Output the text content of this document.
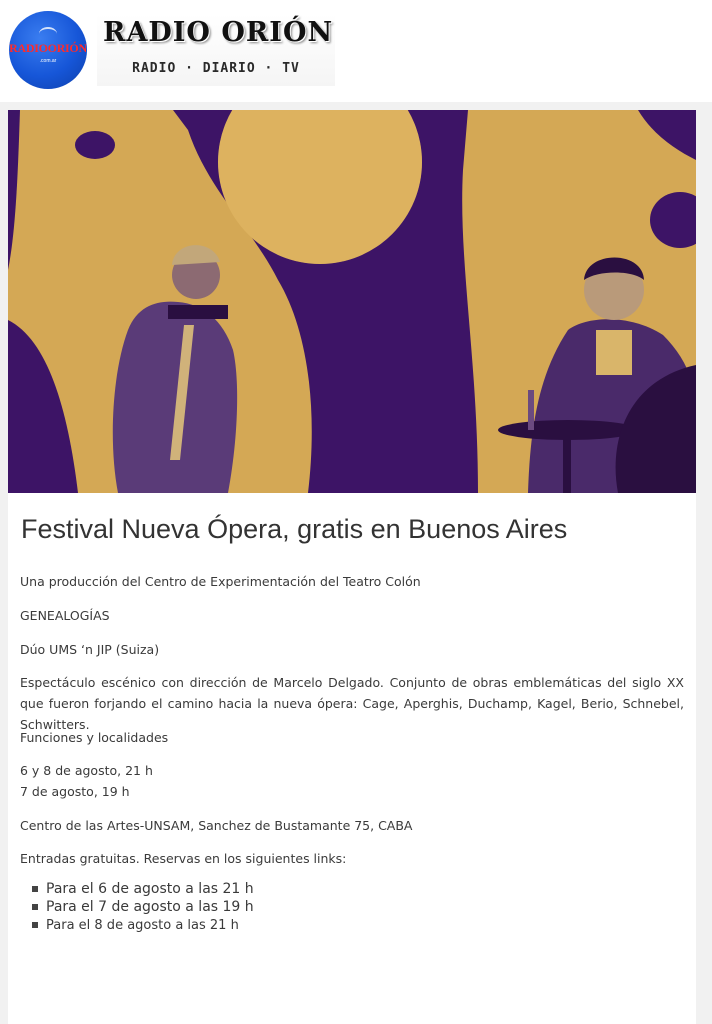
RADIOORIÓN
.com.ar
RADIO ORIÓN
RADIO · DIARIO · TV
Festival Nueva Ópera, gratis en Buenos Aires

Una producción del Centro de Experimentación del Teatro Colón

GENEALOGÍAS

Dúo UMS ‘n JIP (Suiza)

Espectáculo escénico con dirección de Marcelo Delgado. Conjunto de obras emblemáticas del siglo XX que fueron forjando el camino hacia la nueva ópera: Cage, Aperghis, Duchamp, Kagel, Berio, Schnebel, Schwitters.

Funciones y localidades

6 y 8 de agosto, 21 h

7 de agosto, 19 h

Centro de las Artes-UNSAM, Sanchez de Bustamante 75, CABA

Entradas gratuitas. Reservas en los siguientes links:

Para el 6 de agosto a las 21 h
Para el 7 de agosto a las 19 h
Para el 8 de agosto a las 21 h
